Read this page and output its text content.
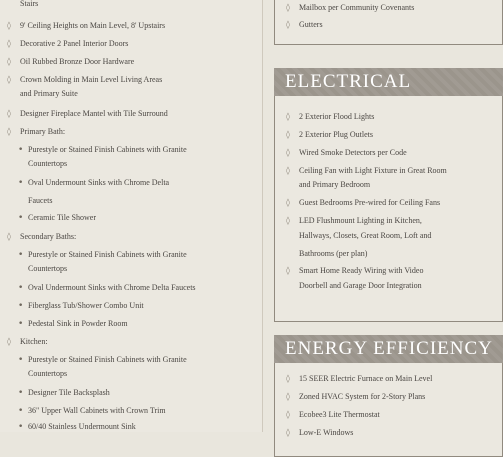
Stairs
◊ 9' Ceiling Heights on Main Level, 8' Upstairs
◊ Decorative 2 Panel Interior Doors
◊ Oil Rubbed Bronze Door Hardware
◊ Crown Molding in Main Level Living Areas
and Primary Suite
◊ Designer Fireplace Mantel with Tile Surround
◊ Primary Bath:
• Purestyle or Stained Finish Cabinets with Granite
Countertops
• Oval Undermount Sinks with Chrome Delta
Faucets
• Ceramic Tile Shower
◊ Secondary Baths:
• Purestyle or Stained Finish Cabinets with Granite
Countertops
• Oval Undermount Sinks with Chrome Delta Faucets
• Fiberglass Tub/Shower Combo Unit
• Pedestal Sink in Powder Room
◊ Kitchen:
• Purestyle or Stained Finish Cabinets with Granite
Countertops
• Designer Tile Backsplash
• 36" Upper Wall Cabinets with Crown Trim
• 60/40 Stainless Undermount Sink
◊ Mailbox per Community Covenants
◊ Gutters
ELECTRICAL
◊ 2 Exterior Flood Lights
◊ 2 Exterior Plug Outlets
◊ Wired Smoke Detectors per Code
◊ Ceiling Fan with Light Fixture in Great Room
and Primary Bedroom
◊ Guest Bedrooms Pre-wired for Ceiling Fans
◊ LED Flushmount Lighting in Kitchen,
Hallways, Closets, Great Room, Loft and
Bathrooms (per plan)
◊ Smart Home Ready Wiring with Video
Doorbell and Garage Door Integration
ENERGY EFFICIENCY
◊ 15 SEER Electric Furnace on Main Level
◊ Zoned HVAC System for 2-Story Plans
◊ Ecobee3 Lite Thermostat
◊ Low-E Windows
